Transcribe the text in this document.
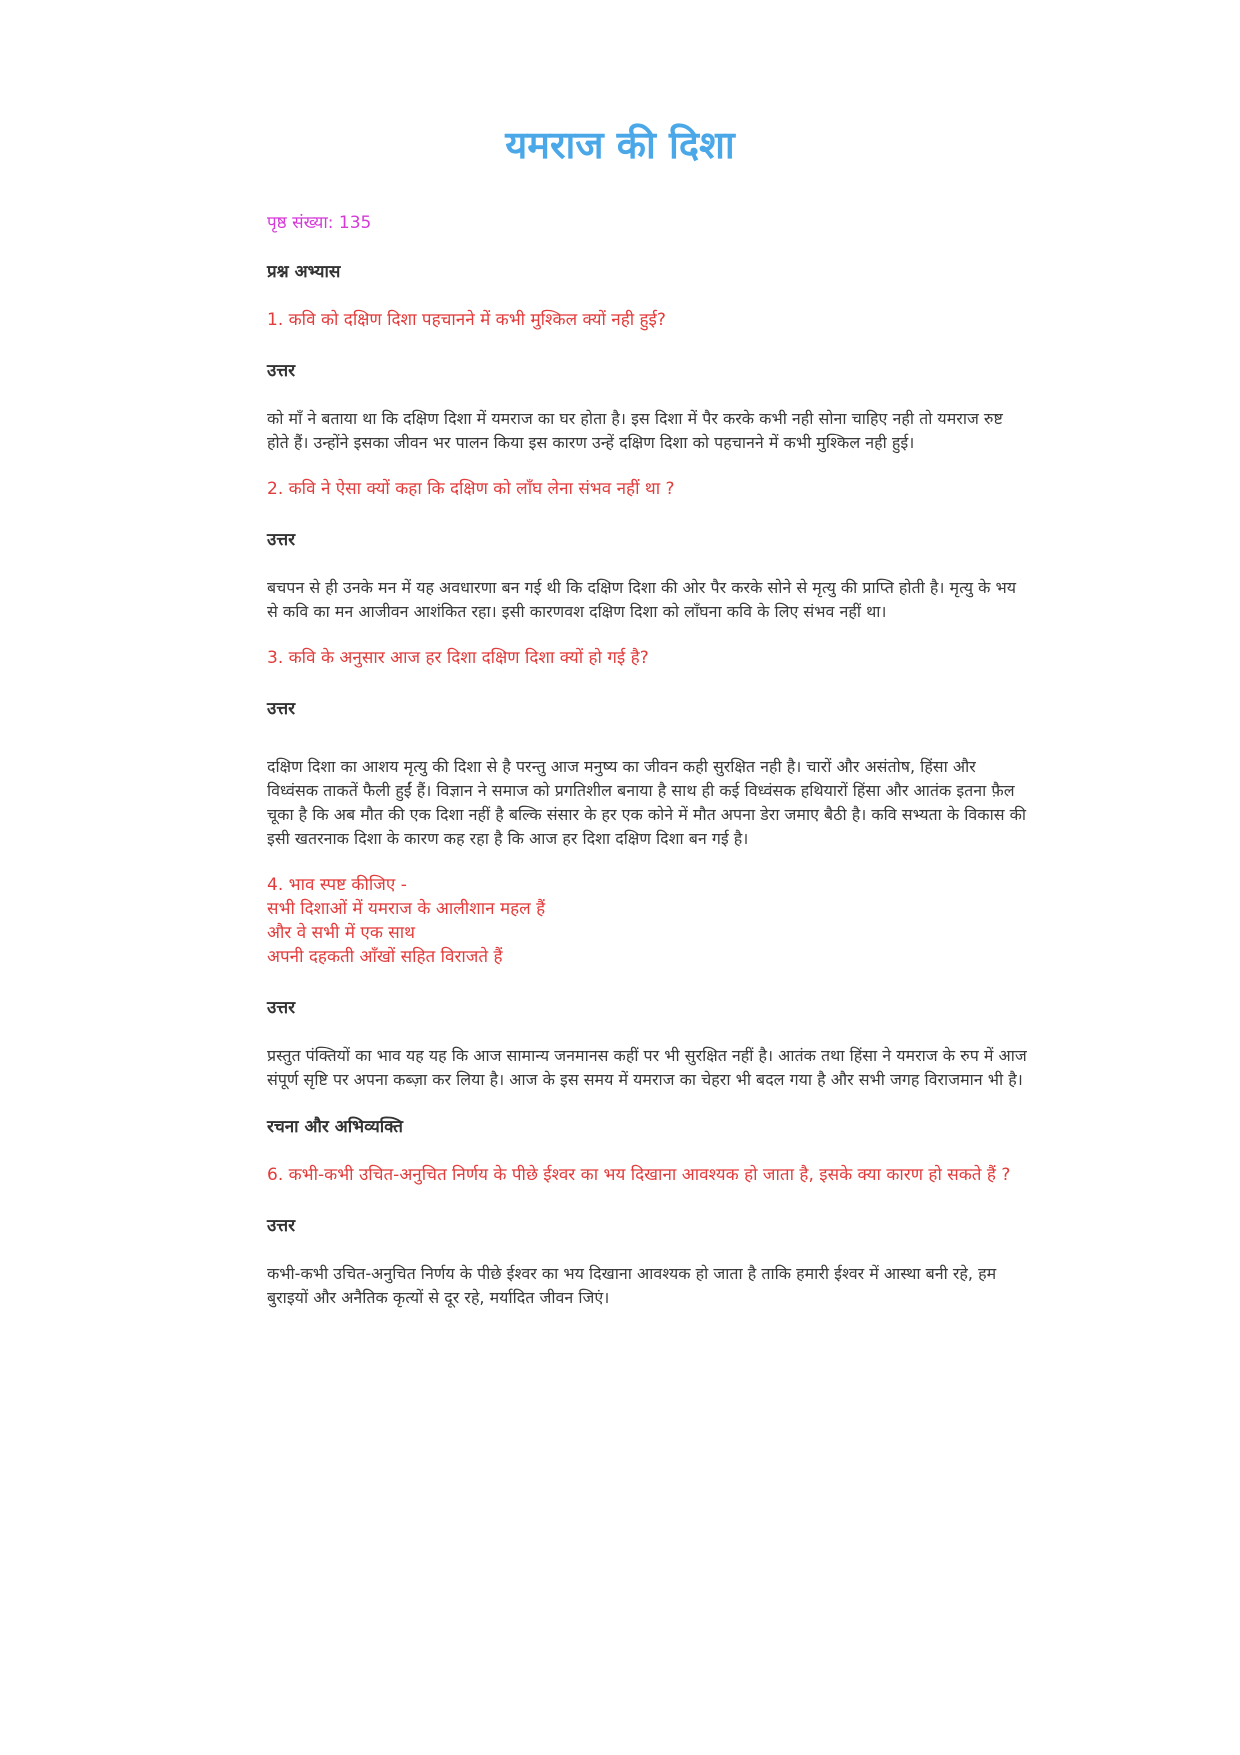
यमराज की दिशा

पृष्ठ संख्या: 135

प्रश्न अभ्यास

1. कवि को दक्षिण दिशा पहचानने में कभी मुश्किल क्यों नही हुई?

उत्तर

को माँ ने बताया था कि दक्षिण दिशा में यमराज का घर होता है। इस दिशा में पैर करके कभी नही सोना चाहिए नही तो यमराज रुष्ट होते हैं। उन्होंने इसका जीवन भर पालन किया इस कारण उन्हें दक्षिण दिशा को पहचानने में कभी मुश्किल नही हुई।

2. कवि ने ऐसा क्यों कहा कि दक्षिण को लाँघ लेना संभव नहीं था ?

उत्तर

बचपन से ही उनके मन में यह अवधारणा बन गई थी कि दक्षिण दिशा की ओर पैर करके सोने से मृत्यु की प्राप्ति होती है। मृत्यु के भय से कवि का मन आजीवन आशंकित रहा। इसी कारणवश दक्षिण दिशा को लाँघना कवि के लिए संभव नहीं था।

3. कवि के अनुसार आज हर दिशा दक्षिण दिशा क्यों हो गई है?

उत्तर

दक्षिण दिशा का आशय मृत्यु की दिशा से है परन्तु आज मनुष्य का जीवन कही सुरक्षित नही है। चारों और असंतोष, हिंसा और विध्वंसक ताकतें फैली हुईं हैं। विज्ञान ने समाज को प्रगतिशील बनाया है साथ ही कई विध्वंसक हथियारों हिंसा और आतंक इतना फ़ैल चूका है कि अब मौत की एक दिशा नहीं है बल्कि संसार के हर एक कोने में मौत अपना डेरा जमाए बैठी है। कवि सभ्यता के विकास की इसी खतरनाक दिशा के कारण कह रहा है कि आज हर दिशा दक्षिण दिशा बन गई है।

4. भाव स्पष्ट कीजिए -
सभी दिशाओं में यमराज के आलीशान महल हैं
और वे सभी में एक साथ
अपनी दहकती आँखों सहित विराजते हैं

उत्तर

प्रस्तुत पंक्तियों का भाव यह यह कि आज सामान्य जनमानस कहीं पर भी सुरक्षित नहीं है। आतंक तथा हिंसा ने यमराज के रुप में आज संपूर्ण सृष्टि पर अपना कब्ज़ा कर लिया है। आज के इस समय में यमराज का चेहरा भी बदल गया है और सभी जगह विराजमान भी है।

रचना और अभिव्यक्ति

6. कभी-कभी उचित-अनुचित निर्णय के पीछे ईश्वर का भय दिखाना आवश्यक हो जाता है, इसके क्या कारण हो सकते हैं ?

उत्तर

कभी-कभी उचित-अनुचित निर्णय के पीछे ईश्वर का भय दिखाना आवश्यक हो जाता है ताकि हमारी ईश्वर में आस्था बनी रहे, हम बुराइयों और अनैतिक कृत्यों से दूर रहे, मर्यादित जीवन जिएं।
